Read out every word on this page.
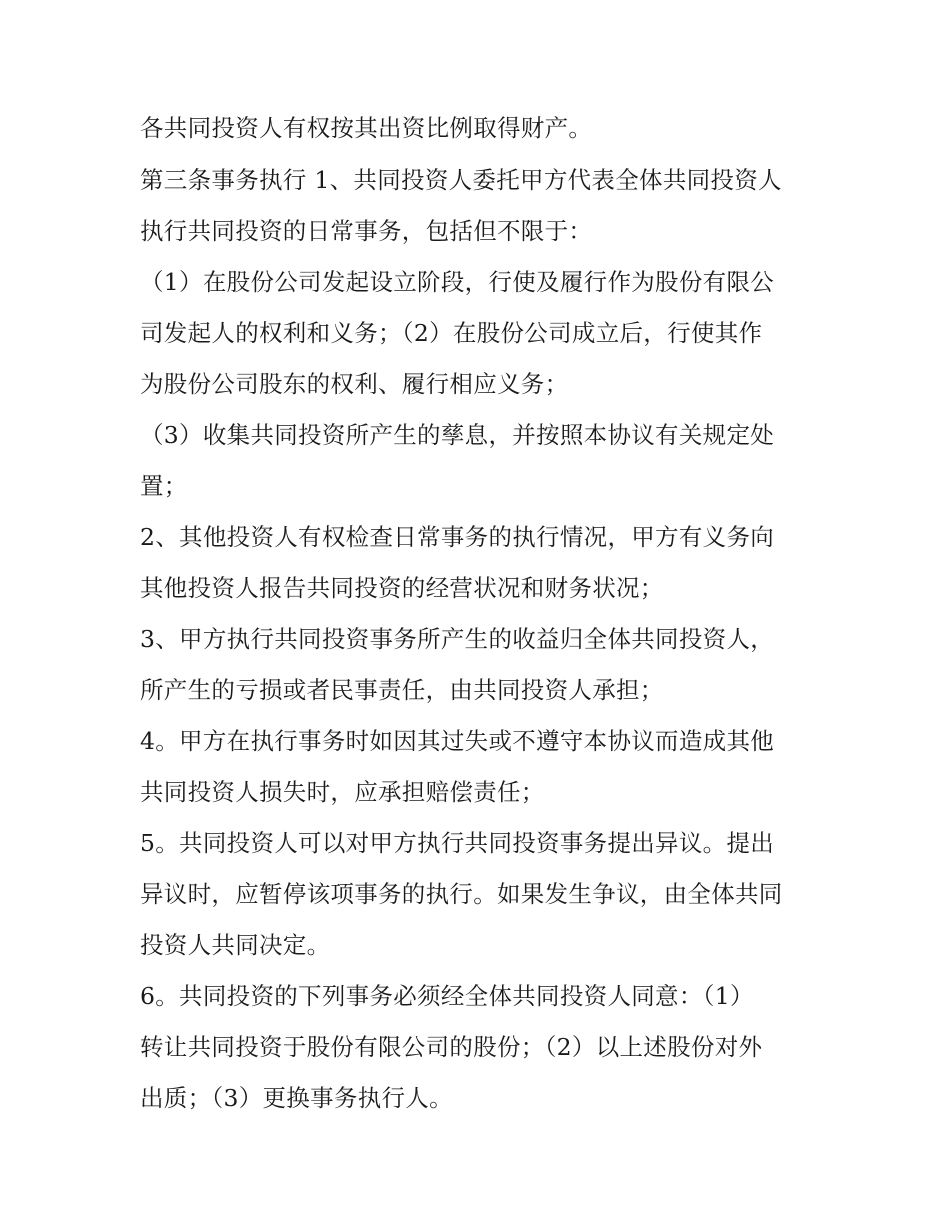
各共同投资人有权按其出资比例取得财产。
第三条事务执行 1、共同投资人委托甲方代表全体共同投资人
执行共同投资的日常事务，包括但不限于：
（1）在股份公司发起设立阶段，行使及履行作为股份有限公
司发起人的权利和义务；（2）在股份公司成立后，行使其作
为股份公司股东的权利、履行相应义务；
（3）收集共同投资所产生的孳息，并按照本协议有关规定处
置；
2、其他投资人有权检查日常事务的执行情况，甲方有义务向
其他投资人报告共同投资的经营状况和财务状况；
3、甲方执行共同投资事务所产生的收益归全体共同投资人，
所产生的亏损或者民事责任，由共同投资人承担；
4。甲方在执行事务时如因其过失或不遵守本协议而造成其他
共同投资人损失时，应承担赔偿责任；
5。共同投资人可以对甲方执行共同投资事务提出异议。提出
异议时，应暂停该项事务的执行。如果发生争议，由全体共同
投资人共同决定。
6。共同投资的下列事务必须经全体共同投资人同意：（1）
转让共同投资于股份有限公司的股份；（2）以上述股份对外
出质；（3）更换事务执行人。
